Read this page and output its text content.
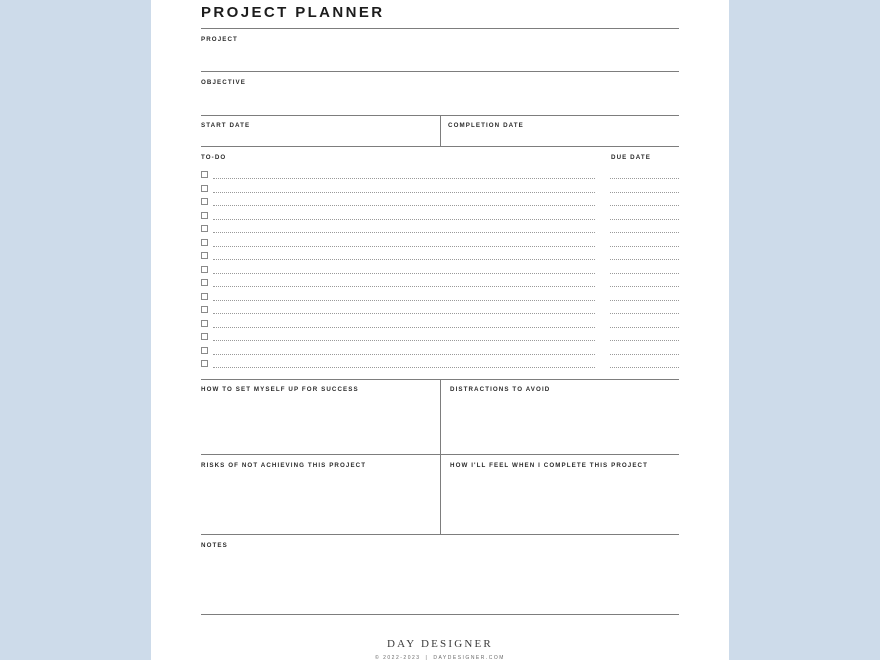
PROJECT PLANNER
PROJECT
OBJECTIVE
START DATE	COMPLETION DATE
TO-DO	DUE DATE
HOW TO SET MYSELF UP FOR SUCCESS	DISTRACTIONS TO AVOID
RISKS OF NOT ACHIEVING THIS PROJECT	HOW I'LL FEEL WHEN I COMPLETE THIS PROJECT
NOTES
DAY DESIGNER
© 2022-2023 | DAYDESIGNER.COM
